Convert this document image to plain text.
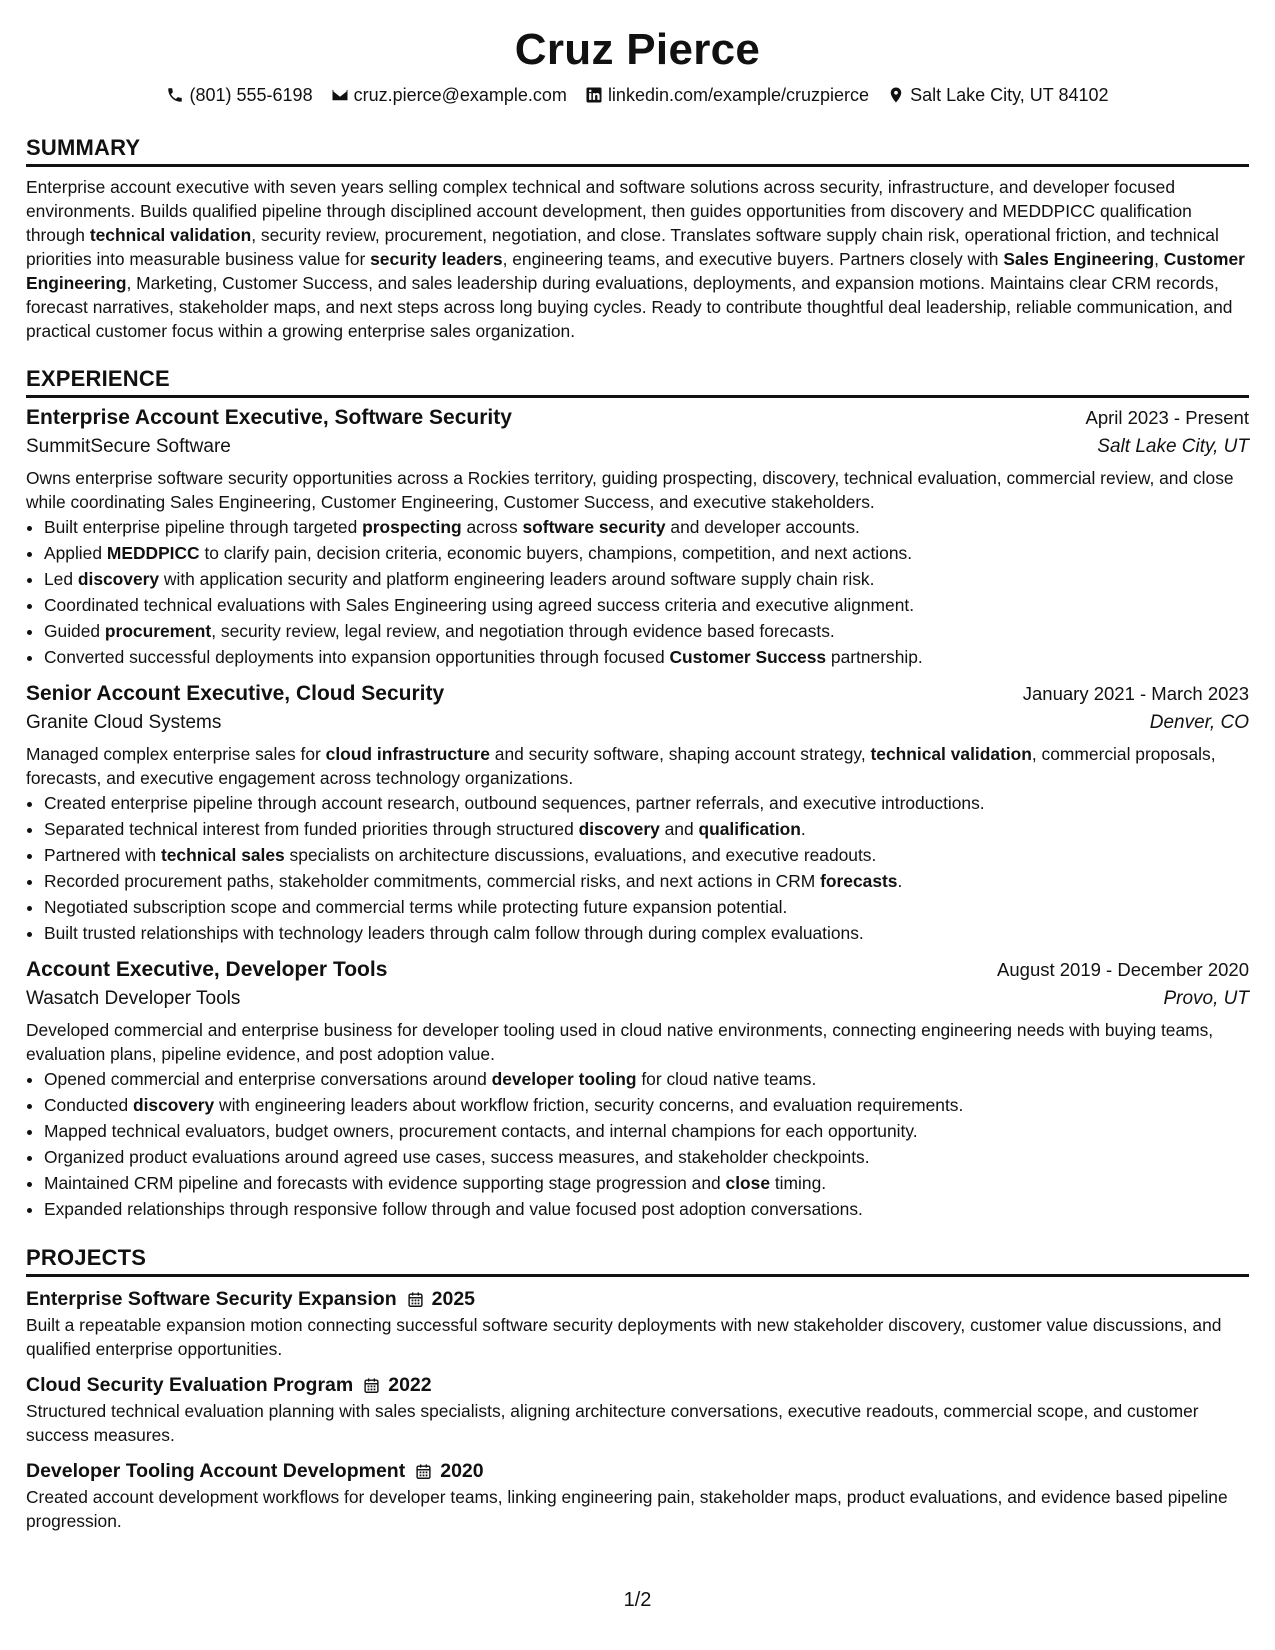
Cruz Pierce
(801) 555-6198 cruz.pierce@example.com linkedin.com/example/cruzpierce Salt Lake City, UT 84102
SUMMARY

Enterprise account executive with seven years selling complex technical and software solutions across security, infrastructure, and developer focused environments. Builds qualified pipeline through disciplined account development, then guides opportunities from discovery and MEDDPICC qualification through technical validation, security review, procurement, negotiation, and close. Translates software supply chain risk, operational friction, and technical priorities into measurable business value for security leaders, engineering teams, and executive buyers. Partners closely with Sales Engineering, Customer Engineering, Marketing, Customer Success, and sales leadership during evaluations, deployments, and expansion motions. Maintains clear CRM records, forecast narratives, stakeholder maps, and next steps across long buying cycles. Ready to contribute thoughtful deal leadership, reliable communication, and practical customer focus within a growing enterprise sales organization.

EXPERIENCE
Enterprise Account Executive, Software Security	April 2023 - Present
SummitSecure Software	Salt Lake City, UT

Owns enterprise software security opportunities across a Rockies territory, guiding prospecting, discovery, technical evaluation, commercial review, and close while coordinating Sales Engineering, Customer Engineering, Customer Success, and executive stakeholders.

• Built enterprise pipeline through targeted prospecting across software security and developer accounts.
• Applied MEDDPICC to clarify pain, decision criteria, economic buyers, champions, competition, and next actions.
• Led discovery with application security and platform engineering leaders around software supply chain risk.
• Coordinated technical evaluations with Sales Engineering using agreed success criteria and executive alignment.
• Guided procurement, security review, legal review, and negotiation through evidence based forecasts.
• Converted successful deployments into expansion opportunities through focused Customer Success partnership.
Senior Account Executive, Cloud Security	January 2021 - March 2023
Granite Cloud Systems	Denver, CO

Managed complex enterprise sales for cloud infrastructure and security software, shaping account strategy, technical validation, commercial proposals, forecasts, and executive engagement across technology organizations.

• Created enterprise pipeline through account research, outbound sequences, partner referrals, and executive introductions.
• Separated technical interest from funded priorities through structured discovery and qualification.
• Partnered with technical sales specialists on architecture discussions, evaluations, and executive readouts.
• Recorded procurement paths, stakeholder commitments, commercial risks, and next actions in CRM forecasts.
• Negotiated subscription scope and commercial terms while protecting future expansion potential.
• Built trusted relationships with technology leaders through calm follow through during complex evaluations.
Account Executive, Developer Tools	August 2019 - December 2020
Wasatch Developer Tools	Provo, UT

Developed commercial and enterprise business for developer tooling used in cloud native environments, connecting engineering needs with buying teams, evaluation plans, pipeline evidence, and post adoption value.

• Opened commercial and enterprise conversations around developer tooling for cloud native teams.
• Conducted discovery with engineering leaders about workflow friction, security concerns, and evaluation requirements.
• Mapped technical evaluators, budget owners, procurement contacts, and internal champions for each opportunity.
• Organized product evaluations around agreed use cases, success measures, and stakeholder checkpoints.
• Maintained CRM pipeline and forecasts with evidence supporting stage progression and close timing.
• Expanded relationships through responsive follow through and value focused post adoption conversations.
PROJECTS
Enterprise Software Security Expansion 2025

Built a repeatable expansion motion connecting successful software security deployments with new stakeholder discovery, customer value discussions, and qualified enterprise opportunities.

Cloud Security Evaluation Program 2022

Structured technical evaluation planning with sales specialists, aligning architecture conversations, executive readouts, commercial scope, and customer success measures.

Developer Tooling Account Development 2020

Created account development workflows for developer teams, linking engineering pain, stakeholder maps, product evaluations, and evidence based pipeline progression.

1/2
